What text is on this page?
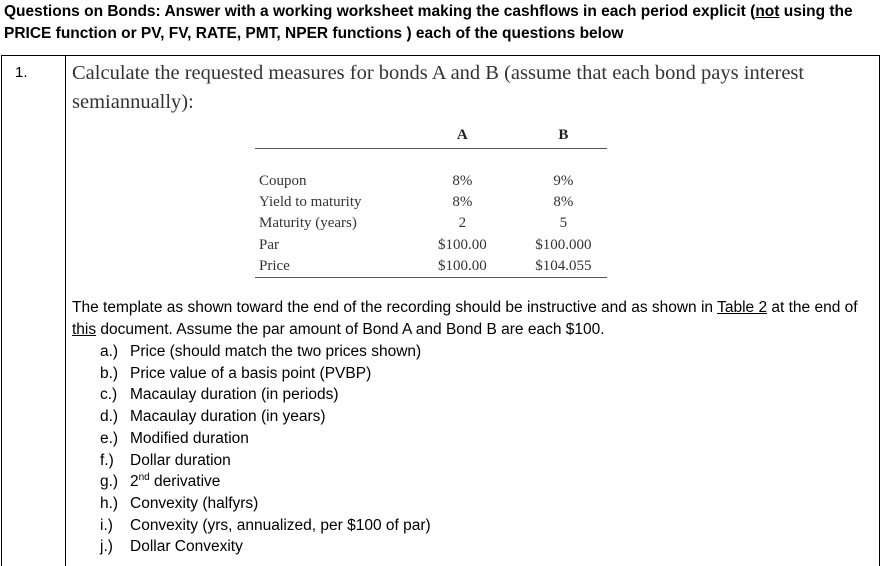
Questions on Bonds: Answer with a working worksheet making the cashflows in each period explicit (not using the PRICE function or PV, FV, RATE, PMT, NPER functions ) each of the questions below
1. Calculate the requested measures for bonds A and B (assume that each bond pays interest semiannually):
	A	B

Coupon	8%	9%
Yield to maturity	8%	8%
Maturity (years)	2	5
Par	$100.00	$100.000
Price	$100.00	$104.055
The template as shown toward the end of the recording should be instructive and as shown in Table 2 at the end of this document. Assume the par amount of Bond A and Bond B are each $100.
a.) Price (should match the two prices shown)
b.) Price value of a basis point (PVBP)
c.) Macaulay duration (in periods)
d.) Macaulay duration (in years)
e.) Modified duration
f.)	Dollar duration
g.) 2nd derivative
h.) Convexity (halfyrs)
i.)	Convexity (yrs, annualized, per $100 of par)
j.)	Dollar Convexity
